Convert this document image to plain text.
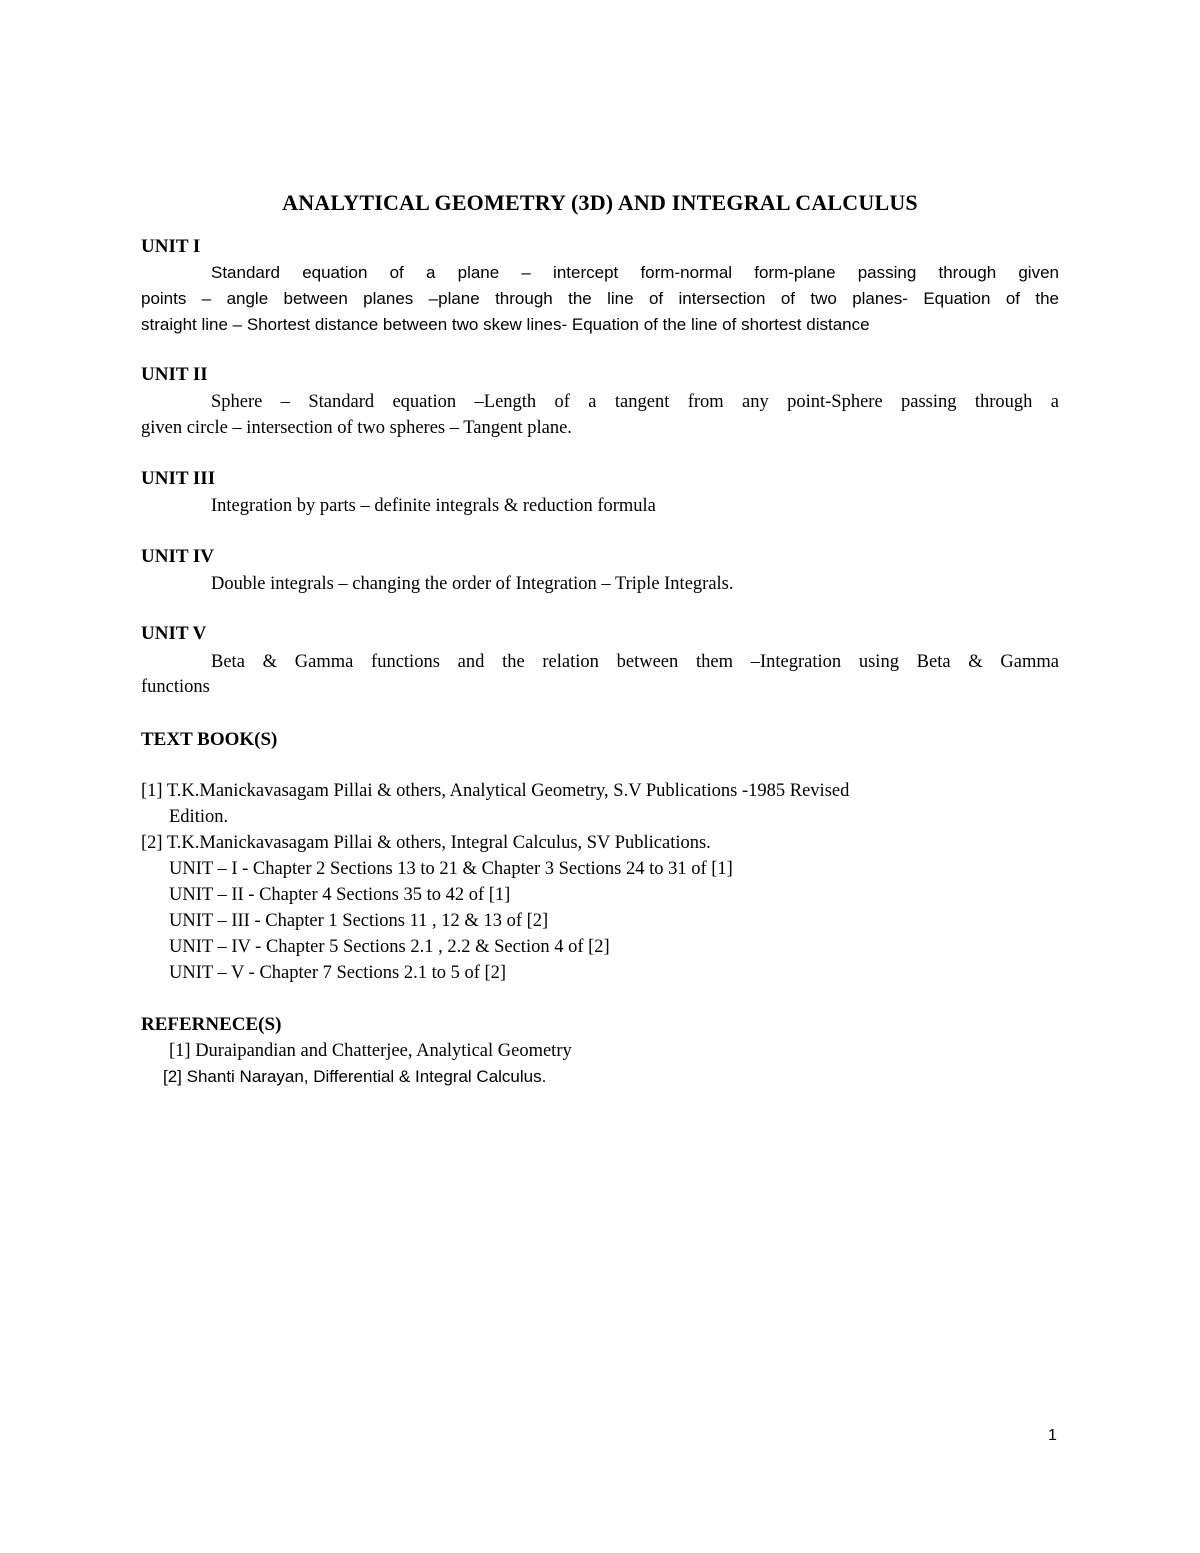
ANALYTICAL GEOMETRY (3D) AND INTEGRAL CALCULUS
UNIT I
Standard equation of a plane – intercept form-normal form-plane passing through given
points – angle between planes –plane through the line of intersection of two planes- Equation of the
straight line – Shortest distance between two skew lines- Equation of the line of shortest distance
UNIT II
Sphere – Standard equation –Length of a tangent from any point-Sphere passing through a
given circle – intersection of two spheres – Tangent plane.
UNIT III
Integration by parts – definite integrals & reduction formula
UNIT IV
Double integrals – changing the order of Integration – Triple Integrals.
UNIT V
Beta & Gamma functions and the relation between them –Integration using Beta & Gamma
functions
TEXT BOOK(S)
[1] T.K.Manickavasagam Pillai & others, Analytical Geometry, S.V Publications -1985 Revised
Edition.
[2] T.K.Manickavasagam Pillai & others, Integral Calculus, SV Publications.
UNIT – I - Chapter 2 Sections 13 to 21 & Chapter 3 Sections 24 to 31 of [1]
UNIT – II - Chapter 4 Sections 35 to 42 of [1]
UNIT – III - Chapter 1 Sections 11 , 12 & 13 of [2]
UNIT – IV - Chapter 5 Sections 2.1 , 2.2 & Section 4 of [2]
UNIT – V - Chapter 7 Sections 2.1 to 5 of [2]
REFERNECE(S)
[1] Duraipandian and Chatterjee, Analytical Geometry
[2] Shanti Narayan, Differential & Integral Calculus.
1
